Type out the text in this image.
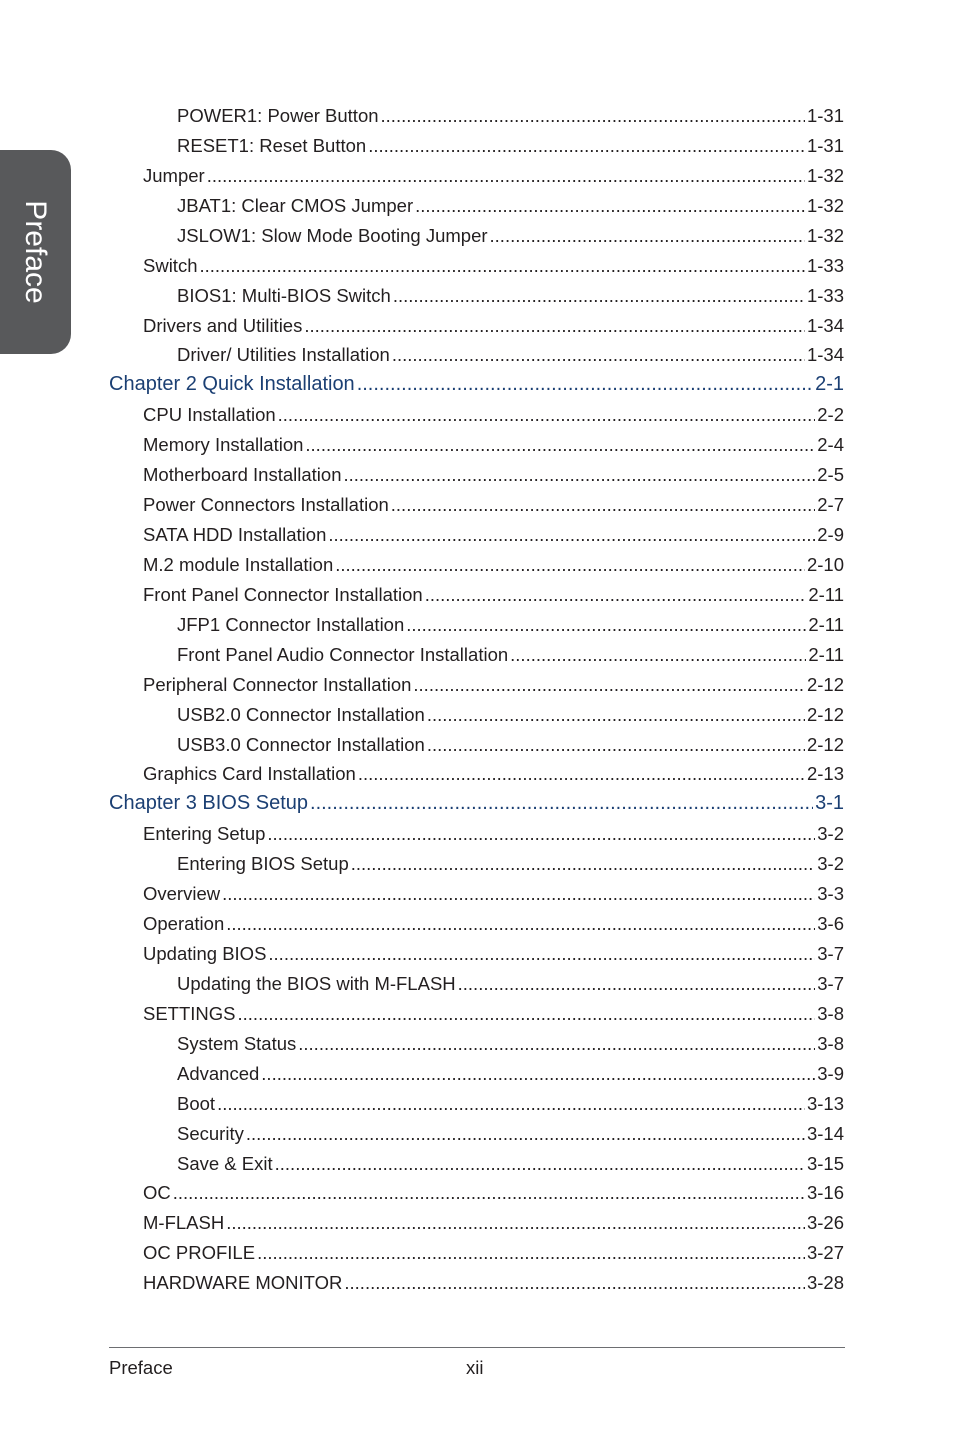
Preface
POWER1: Power Button .....	1-31
RESET1: Reset Button .....	1-31
Jumper .....	1-32
JBAT1: Clear CMOS Jumper .....	1-32
JSLOW1: Slow Mode Booting Jumper .....	1-32
Switch .....	1-33
BIOS1: Multi-BIOS Switch .....	1-33
Drivers and Utilities .....	1-34
Driver/ Utilities Installation .....	1-34
Chapter 2 Quick Installation .....	2-1
CPU Installation .....	2-2
Memory Installation .....	2-4
Motherboard Installation .....	2-5
Power Connectors Installation .....	2-7
SATA HDD Installation .....	2-9
M.2 module Installation .....	2-10
Front Panel Connector Installation .....	2-11
JFP1 Connector Installation .....	2-11
Front Panel Audio Connector Installation .....	2-11
Peripheral Connector Installation .....	2-12
USB2.0 Connector Installation .....	2-12
USB3.0 Connector Installation .....	2-12
Graphics Card Installation .....	2-13
Chapter 3 BIOS Setup .....	3-1
Entering Setup .....	3-2
Entering BIOS Setup .....	3-2
Overview .....	3-3
Operation .....	3-6
Updating BIOS .....	3-7
Updating the BIOS with M-FLASH .....	3-7
SETTINGS .....	3-8
System Status .....	3-8
Advanced .....	3-9
Boot .....	3-13
Security .....	3-14
Save & Exit .....	3-15
OC .....	3-16
M-FLASH .....	3-26
OC PROFILE .....	3-27
HARDWARE MONITOR .....	3-28
Preface	xii
